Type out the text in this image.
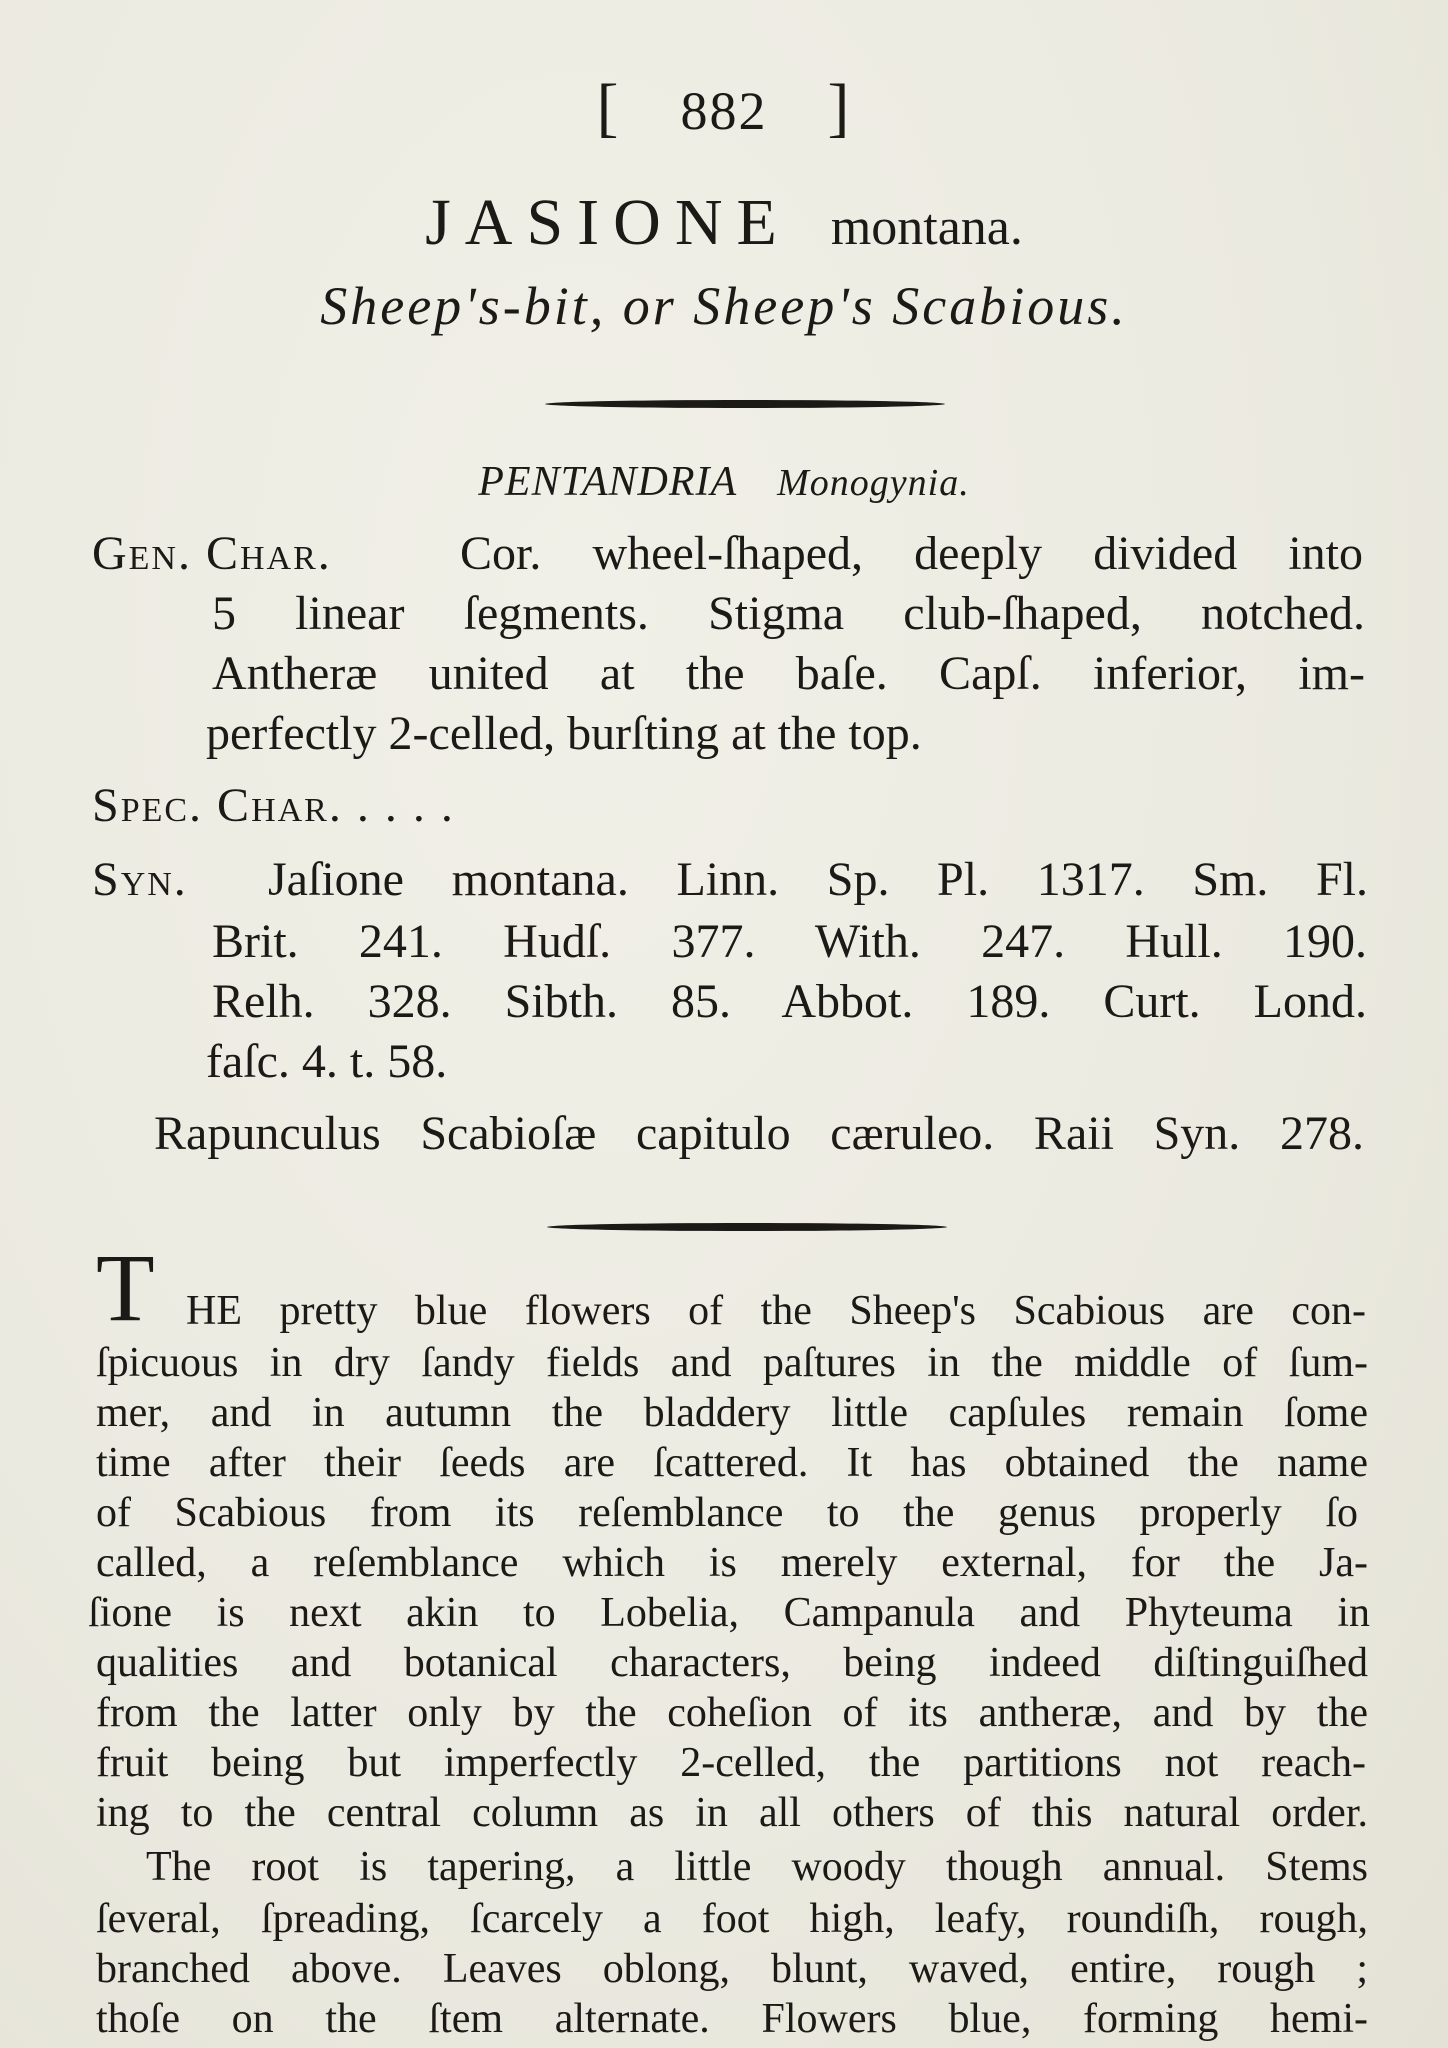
[ 882 ]
JASIONE montana.
Sheep's-bit, or Sheep's Scabious.
PENTANDRIA Monogynia.
Gen. Char.	Cor. wheel-ſhaped, deeply divided into
5 linear ſegments. Stigma club-ſhaped, notched.
Antheræ united at the baſe. Capſ. inferior, im-
perfectly 2-celled, burſting at the top.
Spec. Char. . . . .
Syn. Jaſione montana. Linn. Sp. Pl. 1317. Sm. Fl.
Brit. 241. Hudſ. 377. With. 247. Hull. 190.
Relh. 328. Sibth. 85. Abbot. 189. Curt. Lond.
faſc. 4. t. 58.
Rapunculus Scabioſæ capitulo cæruleo. Raii Syn. 278.
T HE pretty blue flowers of the Sheep's Scabious are con-
ſpicuous in dry ſandy fields and paſtures in the middle of ſum-
mer, and in autumn the bladdery little capſules remain ſome
time after their ſeeds are ſcattered. It has obtained the name
of Scabious from its reſemblance to the genus properly ſo
called, a reſemblance which is merely external, for the Ja-
ſione is next akin to Lobelia, Campanula and Phyteuma in
qualities and botanical characters, being indeed diſtinguiſhed
from the latter only by the coheſion of its antheræ, and by the
fruit being but imperfectly 2-celled, the partitions not reach-
ing to the central column as in all others of this natural order.
The root is tapering, a little woody though annual. Stems
ſeveral, ſpreading, ſcarcely a foot high, leafy, roundiſh, rough,
branched above. Leaves oblong, blunt, waved, entire, rough ;
thoſe on the ſtem alternate. Flowers blue, forming hemi-
